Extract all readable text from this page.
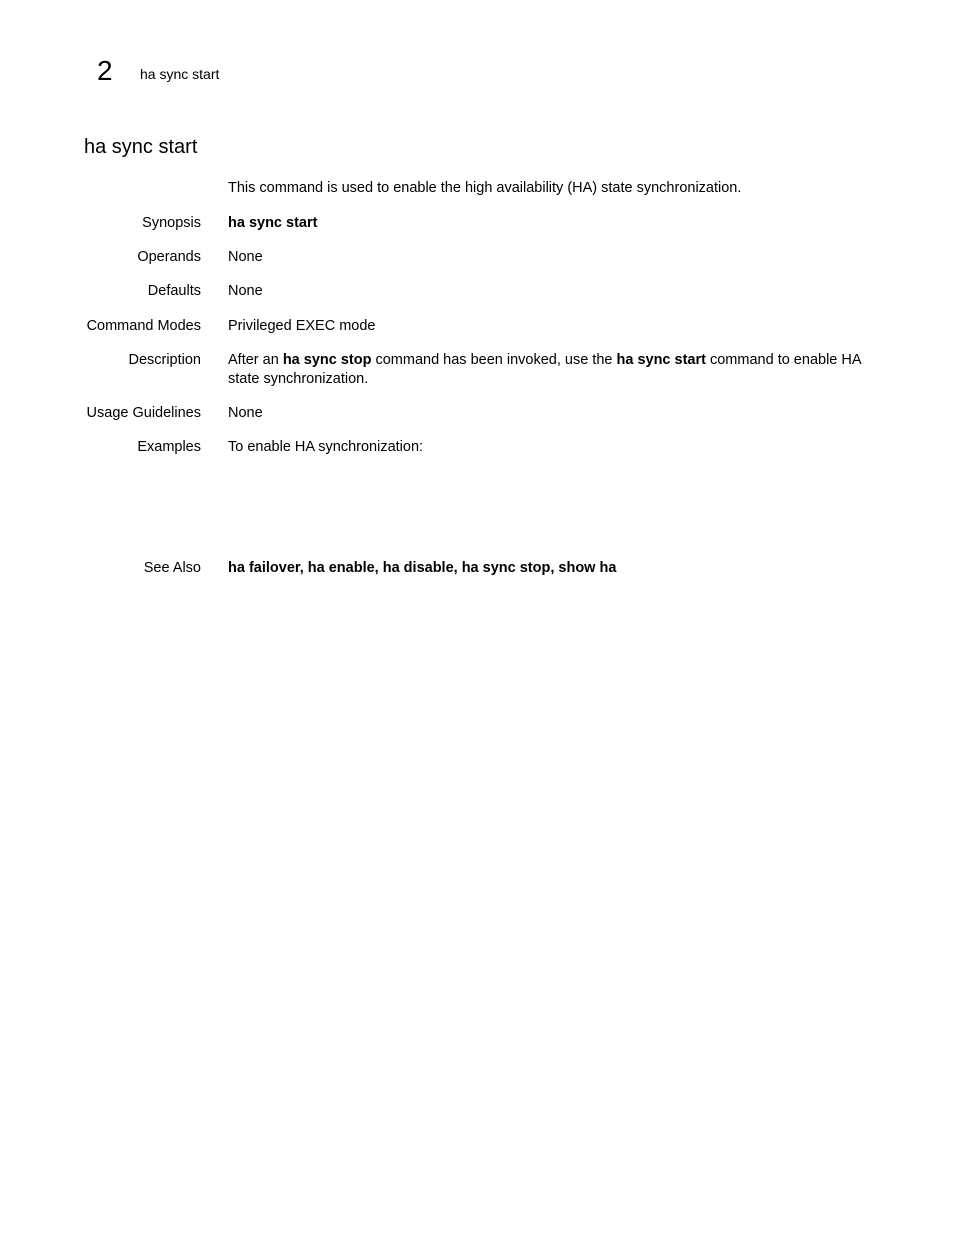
2 ha sync start
ha sync start
This command is used to enable the high availability (HA) state synchronization.
Synopsis ha sync start
Operands None
Defaults None
Command Modes Privileged EXEC mode
Description After an ha sync stop command has been invoked, use the ha sync start command to enable HA state synchronization.
Usage Guidelines None
Examples To enable HA synchronization:
See Also ha failover, ha enable, ha disable, ha sync stop, show ha
